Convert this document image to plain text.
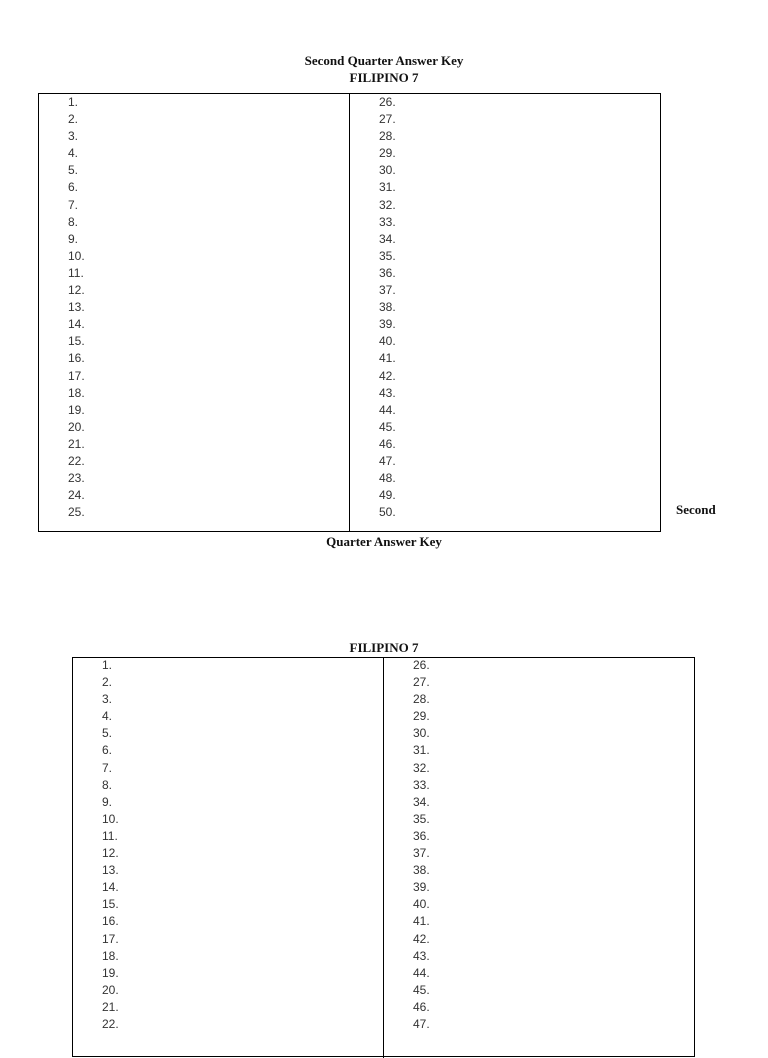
Second Quarter Answer Key
FILIPINO 7
1.
2.
3.
4.
5.
6.
7.
8.
9.
10.
11.
12.
13.
14.
15.
16.
17.
18.
19.
20.
21.
22.
23.
24.
25.
26.
27.
28.
29.
30.
31.
32.
33.
34.
35.
36.
37.
38.
39.
40.
41.
42.
43.
44.
45.
46.
47.
48.
49.
50.	Second
Quarter Answer Key
FILIPINO 7
1.
2.
3.
4.
5.
6.
7.
8.
9.
10.
11.
12.
13.
14.
15.
16.
17.
18.
19.
20.
21.
22.
26.
27.
28.
29.
30.
31.
32.
33.
34.
35.
36.
37.
38.
39.
40.
41.
42.
43.
44.
45.
46.
47.
